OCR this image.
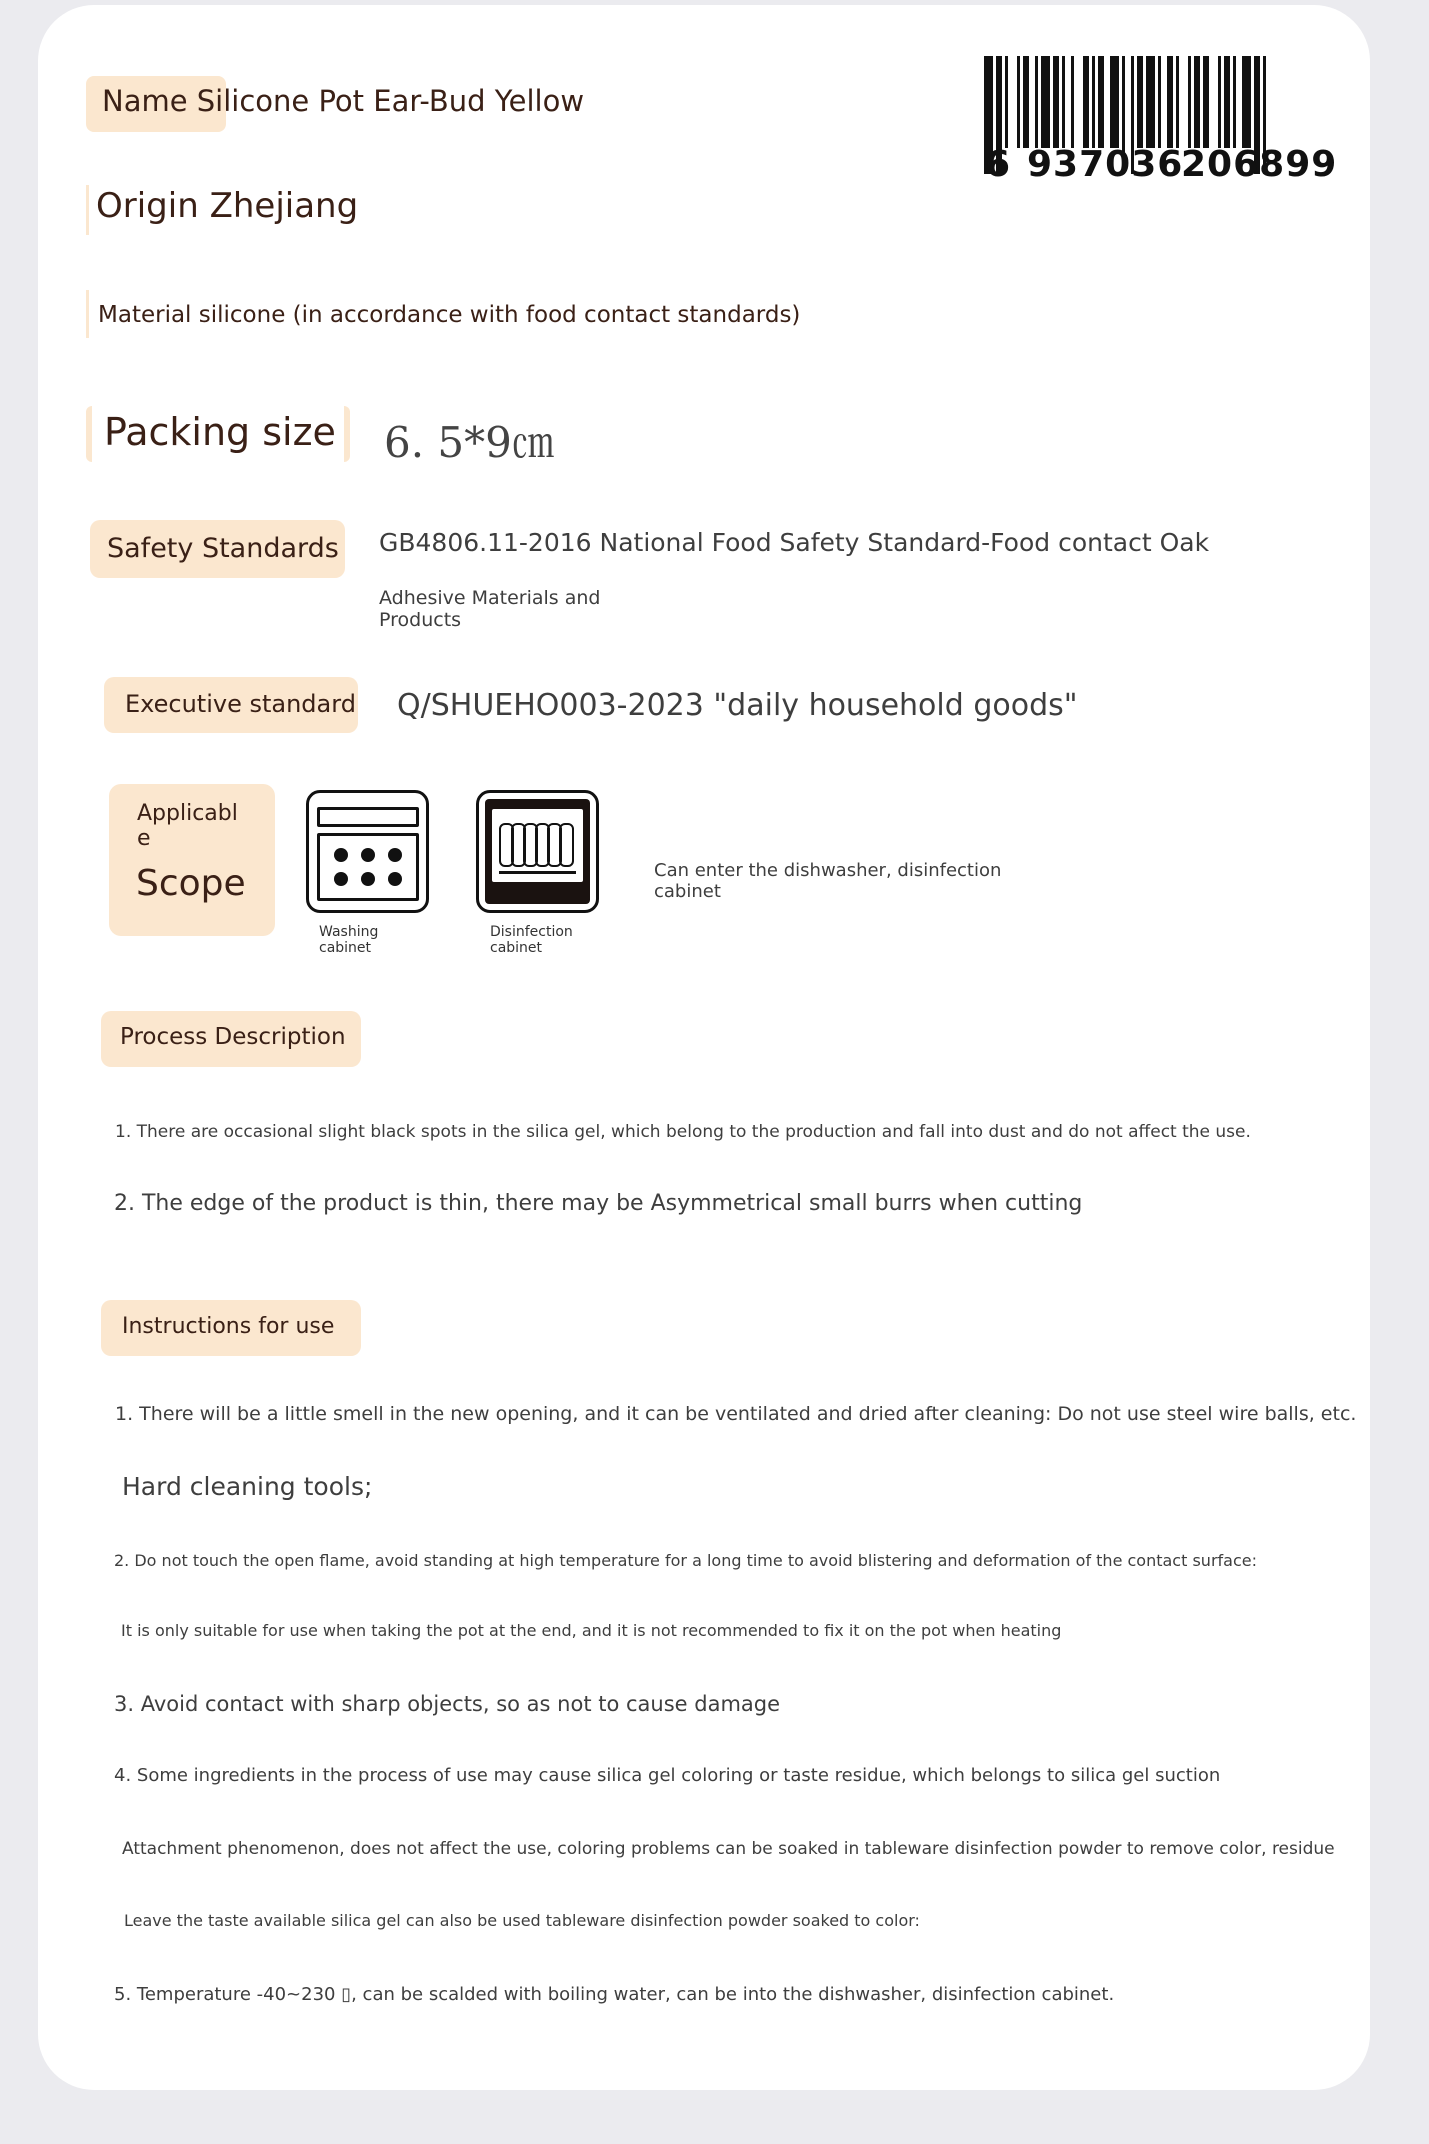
Name Silicone Pot Ear-Bud Yellow
6 937036
206899
Origin Zhejiang
Material silicone (in accordance with food contact standards)
Packing size 6. 5*9㎝
Safety Standards GB4806.11-2016 National Food Safety Standard-Food contact Oak
Adhesive Materials and
Products
Executive standard Q/SHUEHO003-2023 "daily household goods"
Applicabl
e
Scope
Washing
cabinet
Disinfection
cabinet
Can enter the dishwasher, disinfection
cabinet
Process Description
1. There are occasional slight black spots in the silica gel, which belong to the production and fall into dust and do not affect the use.
2. The edge of the product is thin, there may be Asymmetrical small burrs when cutting
Instructions for use
1. There will be a little smell in the new opening, and it can be ventilated and dried after cleaning: Do not use steel wire balls, etc.
Hard cleaning tools;
2. Do not touch the open flame, avoid standing at high temperature for a long time to avoid blistering and deformation of the contact surface:
It is only suitable for use when taking the pot at the end, and it is not recommended to fix it on the pot when heating
3. Avoid contact with sharp objects, so as not to cause damage
4. Some ingredients in the process of use may cause silica gel coloring or taste residue, which belongs to silica gel suction
Attachment phenomenon, does not affect the use, coloring problems can be soaked in tableware disinfection powder to remove color, residue
Leave the taste available silica gel can also be used tableware disinfection powder soaked to color:
5. Temperature -40~230 ▯, can be scalded with boiling water, can be into the dishwasher, disinfection cabinet.
